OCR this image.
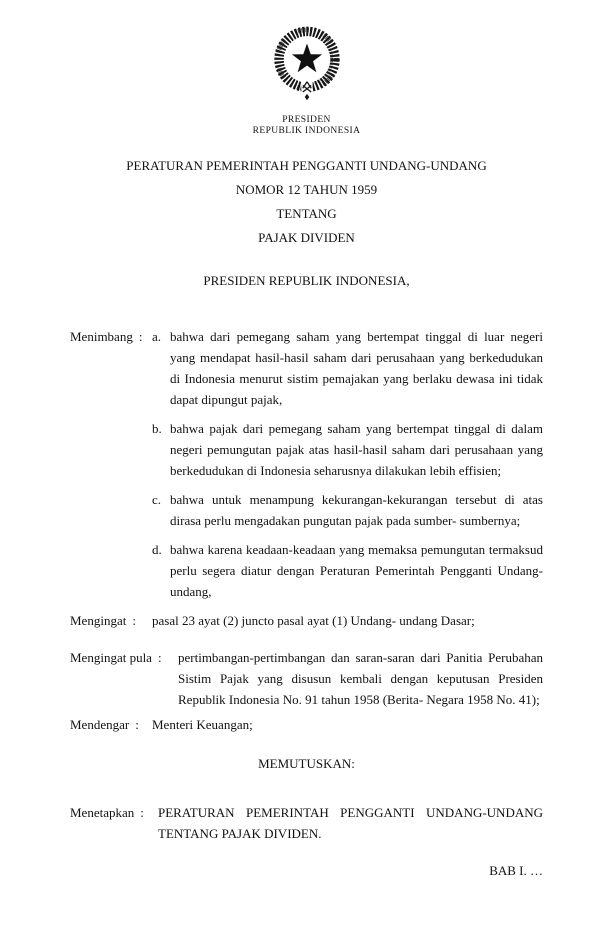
PRESIDEN
REPUBLIK INDONESIA
PERATURAN PEMERINTAH PENGGANTI UNDANG-UNDANG
NOMOR 12 TAHUN 1959
TENTANG
PAJAK DIVIDEN
PRESIDEN REPUBLIK INDONESIA,
Menimbang : a. bahwa dari pemegang saham yang bertempat tinggal di luar negeri yang mendapat hasil-hasil saham dari perusahaan yang berkedudukan di Indonesia menurut sistim pemajakan yang berlaku dewasa ini tidak dapat dipungut pajak,
b. bahwa pajak dari pemegang saham yang bertempat tinggal di dalam negeri pemungutan pajak atas hasil-hasil saham dari perusahaan yang berkedudukan di Indonesia seharusnya dilakukan lebih effisien;
c. bahwa untuk menampung kekurangan-kekurangan tersebut di atas dirasa perlu mengadakan pungutan pajak pada sumber- sumbernya;
d. bahwa karena keadaan-keadaan yang memaksa pemungutan termaksud perlu segera diatur dengan Peraturan Pemerintah Pengganti Undang-undang,
Mengingat :	pasal 23 ayat (2) juncto pasal ayat (1) Undang- undang Dasar;
Mengingat pula :	pertimbangan-pertimbangan dan saran-saran dari Panitia Perubahan Sistim Pajak yang disusun kembali dengan keputusan Presiden Republik Indonesia No. 91 tahun 1958 (Berita- Negara 1958 No. 41);
Mendengar :	Menteri Keuangan;
MEMUTUSKAN:
Menetapkan :	PERATURAN PEMERINTAH PENGGANTI UNDANG-UNDANG TENTANG PAJAK DIVIDEN.
BAB I. …
